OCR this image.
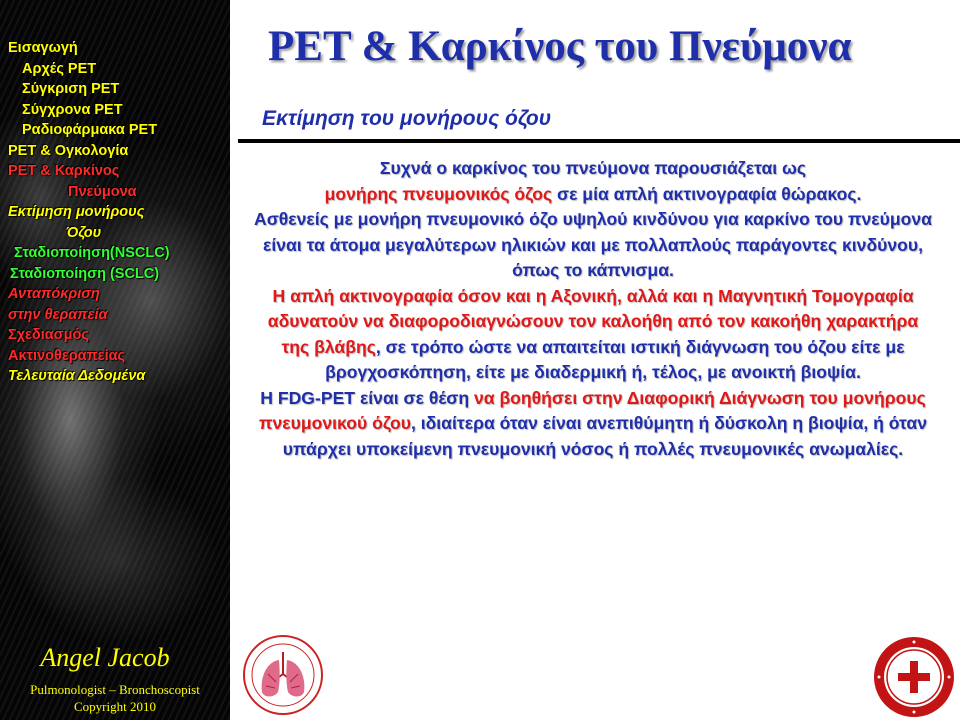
Εισαγωγή
Αρχές PET
Σύγκριση PET
Σύγχρονα PET
Ραδιοφάρμακα PET
PET & Ογκολογία
PET & Καρκίνος
Πνεύμονα
Εκτίμηση μονήρους
Όζου
Σταδιοποίηση(NSCLC)
Σταδιοποίηση (SCLC)
Ανταπόκριση
στην θεραπεία
Σχεδιασμός
Ακτινοθεραπείας
Τελευταία Δεδομένα
Angel Jacob
Pulmonologist – Bronchoscopist
Copyright 2010
PET & Καρκίνος του Πνεύμονα
Εκτίμηση του μονήρους όζου

Συχνά ο καρκίνος του πνεύμονα παρουσιάζεται ως
μονήρης πνευμονικός όζος σε μία απλή ακτινογραφία θώρακος.

Ασθενείς με μονήρη πνευμονικό όζο υψηλού κινδύνου για καρκίνο του πνεύμονα είναι τα άτομα μεγαλύτερων ηλικιών και με πολλαπλούς παράγοντες κινδύνου, όπως το κάπνισμα.

Η απλή ακτινογραφία όσον και η Αξονική, αλλά και η Μαγνητική Τομογραφία αδυνατούν να διαφοροδιαγνώσουν τον καλοήθη από τον κακοήθη χαρακτήρα της βλάβης, σε τρόπο ώστε να απαιτείται ιστική διάγνωση του όζου είτε με βρογχοσκόπηση, είτε με διαδερμική ή, τέλος, με ανοικτή βιοψία.

Η FDG-PET είναι σε θέση να βοηθήσει στην Διαφορική Διάγνωση του μονήρους πνευμονικού όζου, ιδιαίτερα όταν είναι ανεπιθύμητη ή δύσκολη η βιοψία, ή όταν υπάρχει υποκείμενη πνευμονική νόσος ή πολλές πνευμονικές ανωμαλίες.
